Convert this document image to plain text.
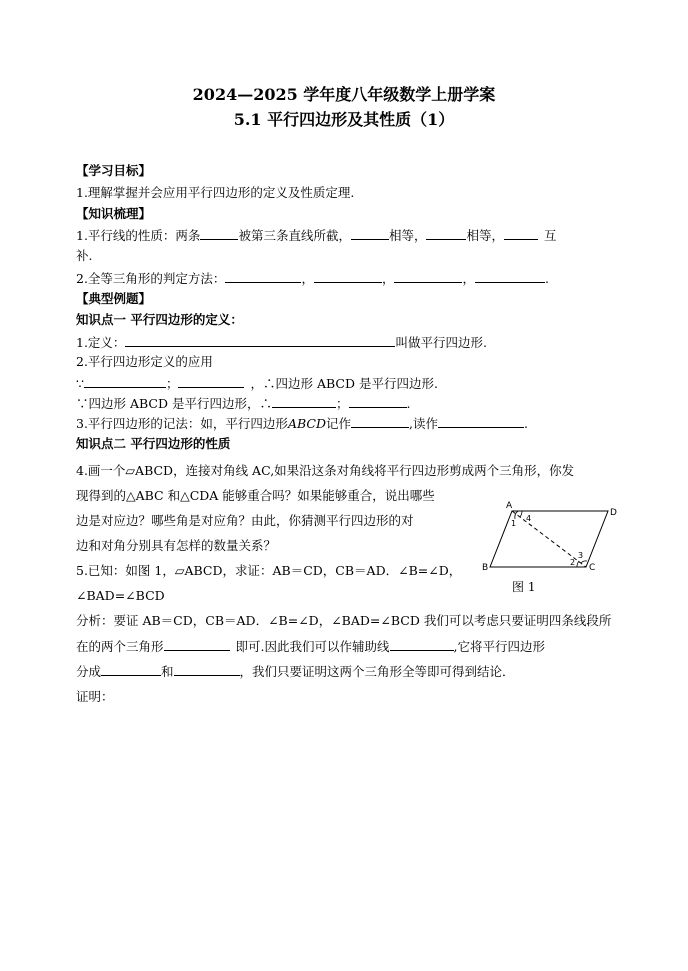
2024—2025 学年度八年级数学上册学案
5.1 平行四边形及其性质（1）
【学习目标】
1.理解掌握并会应用平行四边形的定义及性质定理.
【知识梳理】
1.平行线的性质：两条	被第三条直线所截，	相等，	相等，	互
补.
2.全等三角形的判定方法：	，	，	，	.
【典型例题】
知识点一 平行四边形的定义：
1.定义：	叫做平行四边形.
2.平行四边形定义的应用
∵	；	，∴四边形 ABCD 是平行四边形.
∵四边形 ABCD 是平行四边形，∴	；	.
3.平行四边形的记法：如，平行四边形ABCD记作	,读作	.
知识点二 平行四边形的性质
4.画一个▱ABCD，连接对角线 AC,如果沿这条对角线将平行四边形剪成两个三角形，你发
现得到的△ABC 和△CDA 能够重合吗？如果能够重合，说出哪些
边是对应边？哪些角是对应角？由此，你猜测平行四边形的对
边和对角分别具有怎样的数量关系？
5.已知：如图 1，▱ABCD，求证：AB＝CD，CB＝AD．∠B=∠D，
∠BAD=∠BCD
分析：要证 AB＝CD，CB＝AD．∠B=∠D，∠BAD=∠BCD 我们可以考虑只要证明四条线段所
在的两个三角形	即可.因此我们可以作辅助线	,它将平行四边形
分成	和	，我们只要证明这两个三角形全等即可得到结论．
证明：
A
D
B	C
1
4
2
3
图 1
